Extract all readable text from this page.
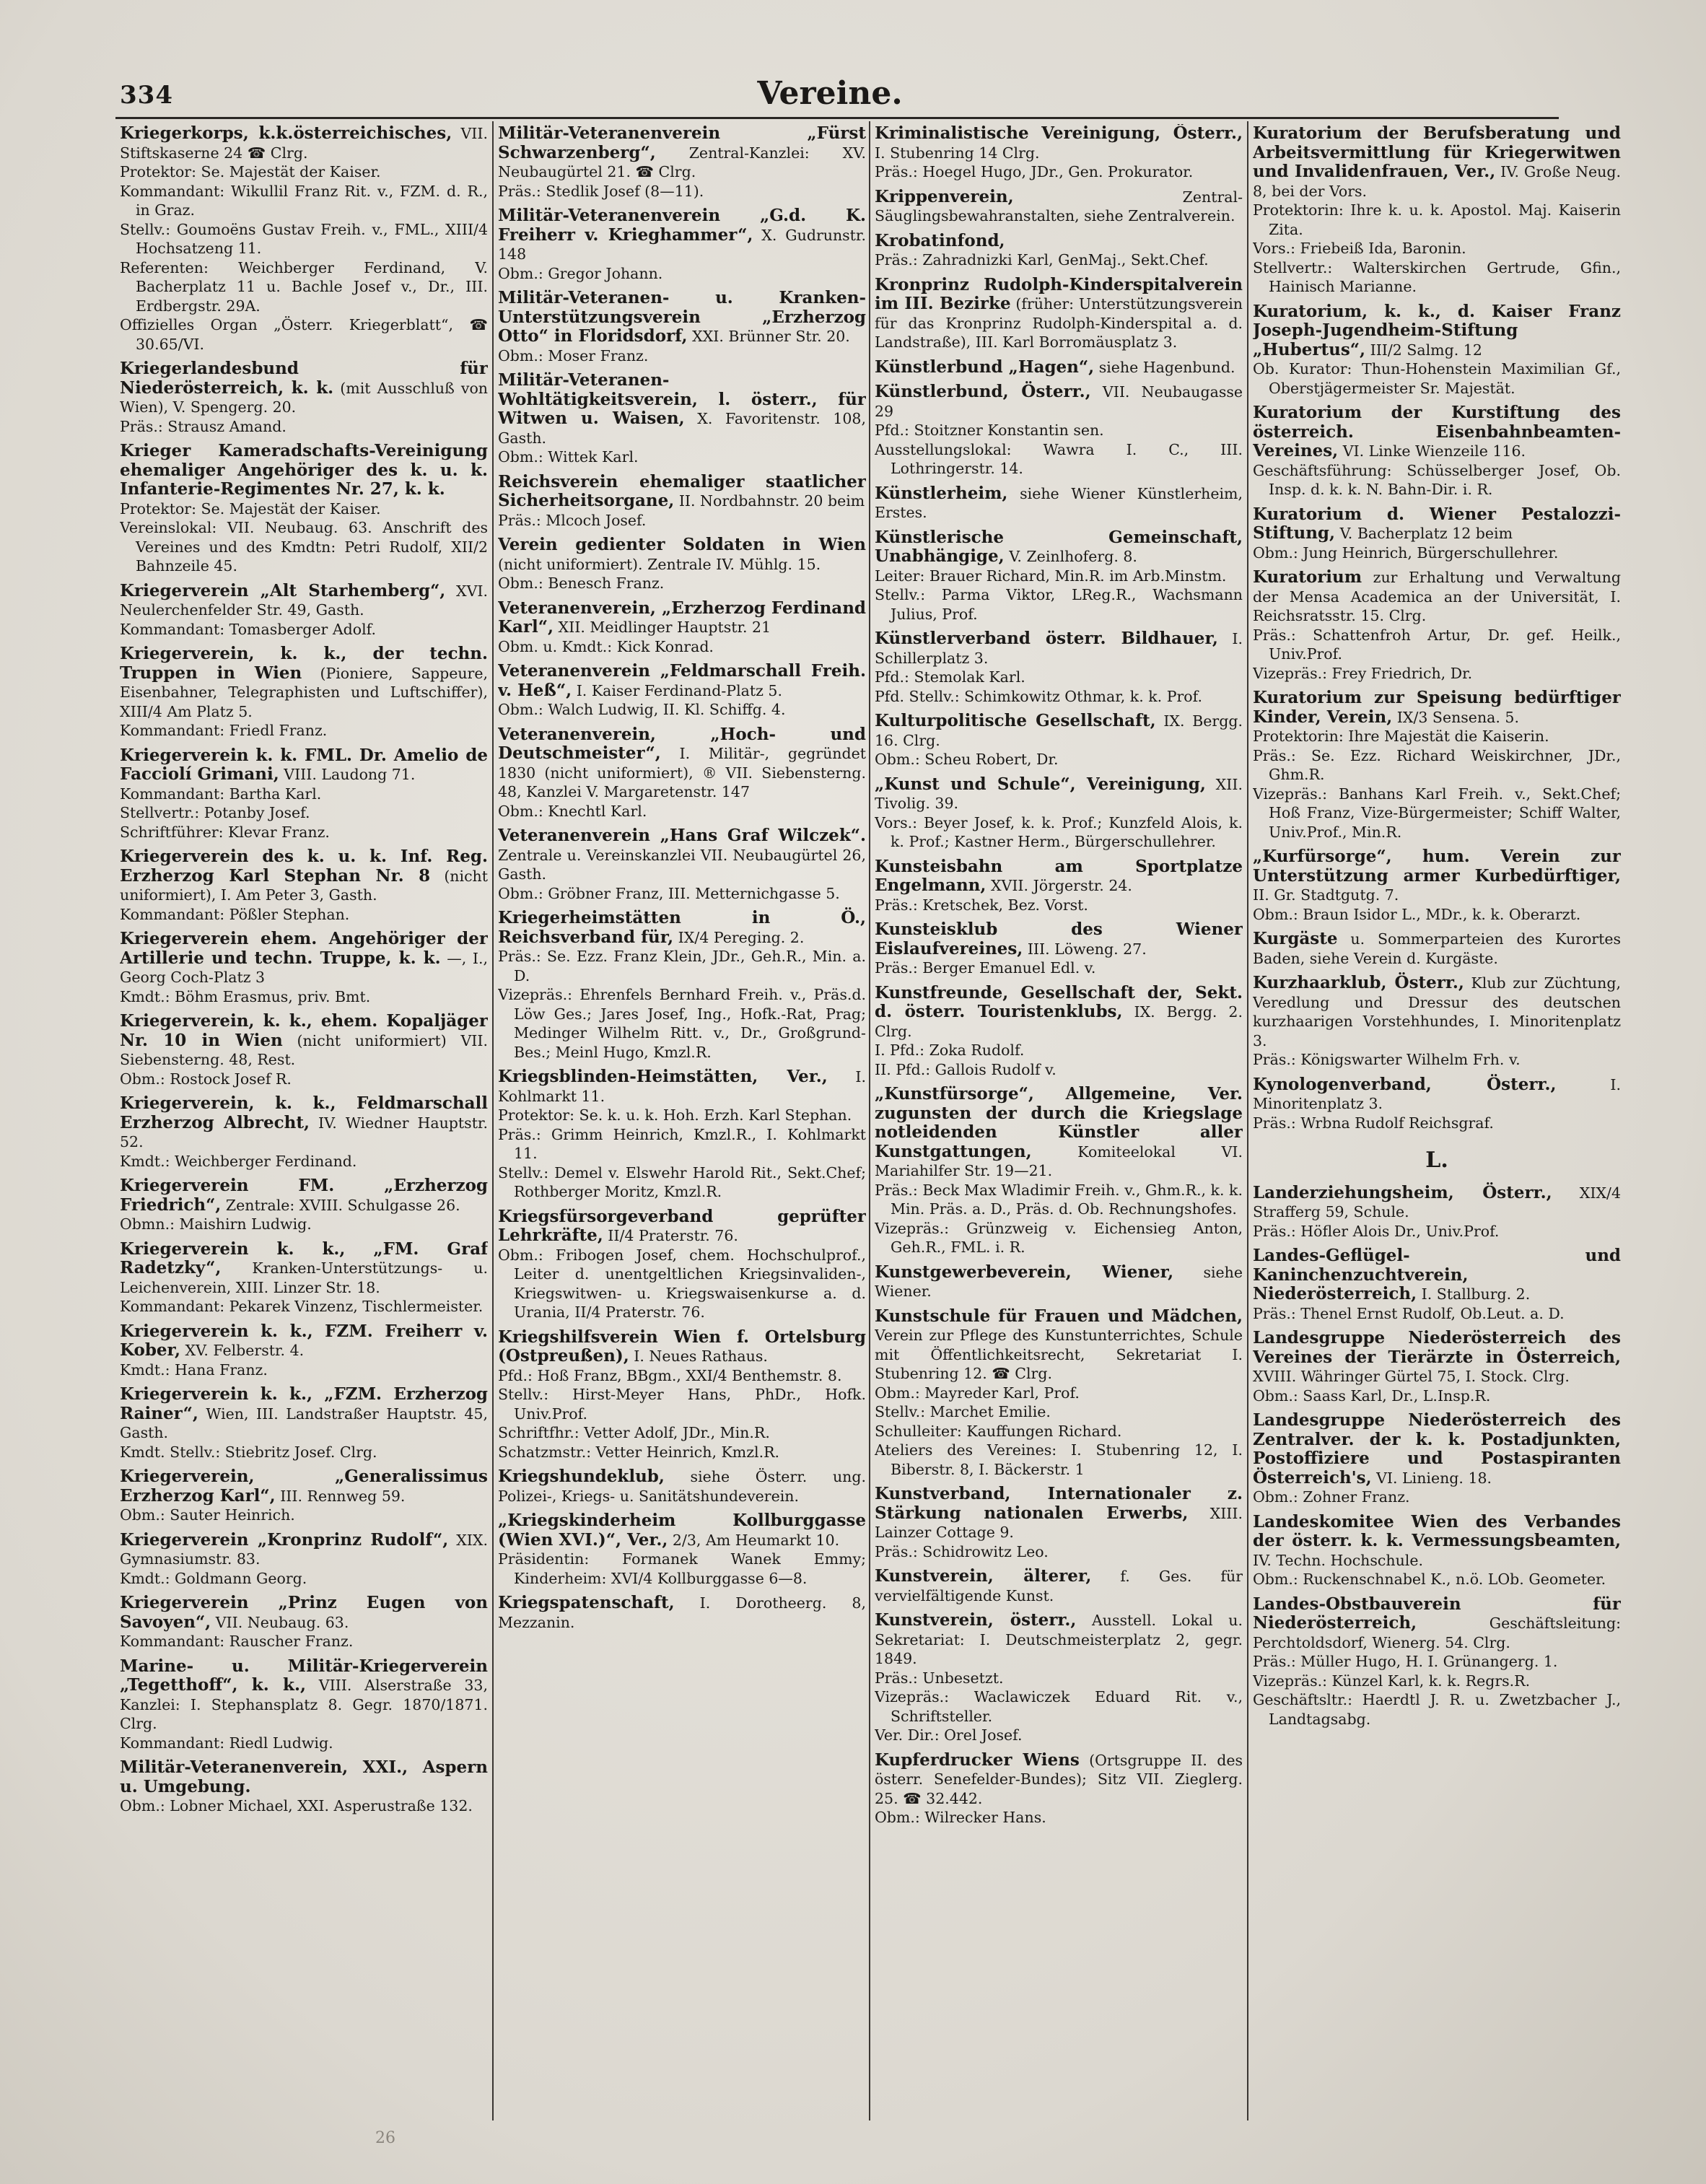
334	Vereine.
Kriegerkorps, k.k.österreichisches, VII. Stiftskaserne 24 ☎ Clrg.
Protektor: Se. Majestät der Kaiser.
Kommandant: Wikullil Franz Rit. v., FZM. d. R., in Graz.
Stellv.: Goumoëns Gustav Freih. v., FML., XIII/4 Hochsatzeng 11.
Referenten: Weichberger Ferdinand, V. Bacherplatz 11 u. Bachle Josef v., Dr., III. Erdbergstr. 29A.
Offizielles Organ „Österr. Kriegerblatt“, ☎ 30.65/VI.
Kriegerlandesbund für Niederösterreich, k. k. (mit Ausschluß von Wien), V. Spengerg. 20.
Präs.: Strausz Amand.
Krieger Kameradschafts-Vereinigung ehemaliger Angehöriger des k. u. k. Infanterie-Regimentes Nr. 27, k. k.
Protektor: Se. Majestät der Kaiser.
Vereinslokal: VII. Neubaug. 63. Anschrift des Vereines und des Kmdtn: Petri Rudolf, XII/2 Bahnzeile 45.
Kriegerverein „Alt Starhemberg“, XVI. Neulerchenfelder Str. 49, Gasth.
Kommandant: Tomasberger Adolf.
Kriegerverein, k. k., der techn. Truppen in Wien (Pioniere, Sappeure, Eisenbahner, Telegraphisten und Luftschiffer), XIII/4 Am Platz 5.
Kommandant: Friedl Franz.
Kriegerverein k. k. FML. Dr. Amelio de Facciolí Grimani, VIII. Laudong 71.
Kommandant: Bartha Karl.
Stellvertr.: Potanby Josef.
Schriftführer: Klevar Franz.
Kriegerverein des k. u. k. Inf. Reg. Erzherzog Karl Stephan Nr. 8 (nicht uniformiert), I. Am Peter 3, Gasth.
Kommandant: Pößler Stephan.
Kriegerverein ehem. Angehöriger der Artillerie und techn. Truppe, k. k. —, I., Georg Coch-Platz 3
Kmdt.: Böhm Erasmus, priv. Bmt.
Kriegerverein, k. k., ehem. Kopaljäger Nr. 10 in Wien (nicht uniformiert) VII. Siebensterng. 48, Rest.
Obm.: Rostock Josef R.
Kriegerverein, k. k., Feldmarschall Erzherzog Albrecht, IV. Wiedner Hauptstr. 52.
Kmdt.: Weichberger Ferdinand.
Kriegerverein FM. „Erzherzog Friedrich“, Zentrale: XVIII. Schulgasse 26.
Obmn.: Maishirn Ludwig.
Kriegerverein k. k., „FM. Graf Radetzky“, Kranken-Unterstützungs- u. Leichenverein, XIII. Linzer Str. 18.
Kommandant: Pekarek Vinzenz, Tischlermeister.
Kriegerverein k. k., FZM. Freiherr v. Kober, XV. Felberstr. 4.
Kmdt.: Hana Franz.
Kriegerverein k. k., „FZM. Erzherzog Rainer“, Wien, III. Landstraßer Hauptstr. 45, Gasth.
Kmdt. Stellv.: Stiebritz Josef. Clrg.
Kriegerverein, „Generalissimus Erzherzog Karl“, III. Rennweg 59.
Obm.: Sauter Heinrich.
Kriegerverein „Kronprinz Rudolf“, XIX. Gymnasiumstr. 83.
Kmdt.: Goldmann Georg.
Kriegerverein „Prinz Eugen von Savoyen“, VII. Neubaug. 63.
Kommandant: Rauscher Franz.
Marine- u. Militär-Kriegerverein „Tegetthoff“, k. k., VIII. Alserstraße 33, Kanzlei: I. Stephansplatz 8. Gegr. 1870/1871. Clrg.
Kommandant: Riedl Ludwig.
Militär-Veteranenverein, XXI., Aspern u. Umgebung.
Obm.: Lobner Michael, XXI. Asperustraße 132.
Militär-Veteranenverein „Fürst Schwarzenberg“, Zentral-Kanzlei: XV. Neubaugürtel 21. ☎ Clrg.
Präs.: Stedlik Josef (8—11).
Militär-Veteranenverein „G.d. K. Freiherr v. Krieghammer“, X. Gudrunstr. 148
Obm.: Gregor Johann.
Militär-Veteranen- u. Kranken-Unterstützungsverein „Erzherzog Otto“ in Floridsdorf, XXI. Brünner Str. 20.
Obm.: Moser Franz.
Militär-Veteranen-Wohltätigkeitsverein, l. österr., für Witwen u. Waisen, X. Favoritenstr. 108, Gasth.
Obm.: Wittek Karl.
Reichsverein ehemaliger staatlicher Sicherheitsorgane, II. Nordbahnstr. 20 beim
Präs.: Mlcoch Josef.
Verein gedienter Soldaten in Wien (nicht uniformiert). Zentrale IV. Mühlg. 15.
Obm.: Benesch Franz.
Veteranenverein, „Erzherzog Ferdinand Karl“, XII. Meidlinger Hauptstr. 21
Obm. u. Kmdt.: Kick Konrad.
Veteranenverein „Feldmarschall Freih. v. Heß“, I. Kaiser Ferdinand-Platz 5.
Obm.: Walch Ludwig, II. Kl. Schiffg. 4.
Veteranenverein, „Hoch- und Deutschmeister“, I. Militär-, gegründet 1830 (nicht uniformiert), ® VII. Siebensterng. 48, Kanzlei V. Margaretenstr. 147
Obm.: Knechtl Karl.
Veteranenverein „Hans Graf Wilczek“. Zentrale u. Vereinskanzlei VII. Neubaugürtel 26, Gasth.
Obm.: Gröbner Franz, III. Metternichgasse 5.
Kriegerheimstätten in Ö., Reichsverband für, IX/4 Pereging. 2.
Präs.: Se. Ezz. Franz Klein, JDr., Geh.R., Min. a. D.
Vizepräs.: Ehrenfels Bernhard Freih. v., Präs.d. Löw Ges.; Jares Josef, Ing., Hofk.-Rat, Prag; Medinger Wilhelm Ritt. v., Dr., Großgrund-Bes.; Meinl Hugo, Kmzl.R.
Kriegsblinden-Heimstätten, Ver., I. Kohlmarkt 11.
Protektor: Se. k. u. k. Hoh. Erzh. Karl Stephan.
Präs.: Grimm Heinrich, Kmzl.R., I. Kohlmarkt 11.
Stellv.: Demel v. Elswehr Harold Rit., Sekt.Chef; Rothberger Moritz, Kmzl.R.
Kriegsfürsorgeverband geprüfter Lehrkräfte, II/4 Praterstr. 76.
Obm.: Fribogen Josef, chem. Hochschulprof., Leiter d. unentgeltlichen Kriegsinvaliden-, Kriegswitwen- u. Kriegswaisenkurse a. d. Urania, II/4 Praterstr. 76.
Kriegshilfsverein Wien f. Ortelsburg (Ostpreußen), I. Neues Rathaus.
Pfd.: Hoß Franz, BBgm., XXI/4 Benthemstr. 8.
Stellv.: Hirst-Meyer Hans, PhDr., Hofk. Univ.Prof.
Schriftfhr.: Vetter Adolf, JDr., Min.R.
Schatzmstr.: Vetter Heinrich, Kmzl.R.
Kriegshundeklub, siehe Österr. ung. Polizei-, Kriegs- u. Sanitätshundeverein.
„Kriegskinderheim Kollburggasse (Wien XVI.)“, Ver., 2/3, Am Heumarkt 10.
Präsidentin: Formanek Wanek Emmy; Kinderheim: XVI/4 Kollburggasse 6—8.
Kriegspatenschaft, I. Dorotheerg. 8, Mezzanin.
Kriminalistische Vereinigung, Österr., I. Stubenring 14 Clrg.
Präs.: Hoegel Hugo, JDr., Gen. Prokurator.
Krippenverein,	Zentral-Säuglingsbewahranstalten, siehe Zentralverein.
Krobatinfond,
Präs.: Zahradnizki Karl, GenMaj., Sekt.Chef.
Kronprinz Rudolph-Kinderspitalverein im III. Bezirke (früher: Unterstützungsverein für das Kronprinz Rudolph-Kinderspital a. d. Landstraße), III. Karl Borromäusplatz 3.
Künstlerbund „Hagen“, siehe Hagenbund.
Künstlerbund, Österr., VII. Neubaugasse 29
Pfd.: Stoitzner Konstantin sen.
Ausstellungslokal: Wawra I. C., III. Lothringerstr. 14.
Künstlerheim, siehe Wiener Künstlerheim, Erstes.
Künstlerische Gemeinschaft, Unabhängige, V. Zeinlhoferg. 8.
Leiter: Brauer Richard, Min.R. im Arb.Minstm.
Stellv.: Parma Viktor, LReg.R., Wachsmann Julius, Prof.
Künstlerverband österr. Bildhauer, I. Schillerplatz 3.
Pfd.: Stemolak Karl.
Pfd. Stellv.: Schimkowitz Othmar, k. k. Prof.
Kulturpolitische Gesellschaft, IX. Bergg. 16. Clrg.
Obm.: Scheu Robert, Dr.
„Kunst und Schule“, Vereinigung, XII. Tivolig. 39.
Vors.: Beyer Josef, k. k. Prof.; Kunzfeld Alois, k. k. Prof.; Kastner Herm., Bürgerschullehrer.
Kunsteisbahn am Sportplatze Engelmann, XVII. Jörgerstr. 24.
Präs.: Kretschek, Bez. Vorst.
Kunsteisklub des Wiener Eislaufvereines, III. Löweng. 27.
Präs.: Berger Emanuel Edl. v.
Kunstfreunde, Gesellschaft der, Sekt. d. österr. Touristenklubs, IX. Bergg. 2. Clrg.
I. Pfd.: Zoka Rudolf.
II. Pfd.: Gallois Rudolf v.
„Kunstfürsorge“, Allgemeine, Ver. zugunsten der durch die Kriegslage notleidenden Künstler aller Kunstgattungen,	Komiteelokal VI. Mariahilfer Str. 19—21.
Präs.: Beck Max Wladimir Freih. v., Ghm.R., k. k. Min. Präs. a. D., Präs. d. Ob. Rechnungshofes.
Vizepräs.: Grünzweig v. Eichensieg Anton, Geh.R., FML. i. R.
Kunstgewerbeverein, Wiener, siehe Wiener.
Kunstschule für Frauen und Mädchen, Verein zur Pflege des Kunstunterrichtes, Schule mit Öffentlichkeitsrecht, Sekretariat I. Stubenring 12. ☎ Clrg.
Obm.: Mayreder Karl, Prof.
Stellv.: Marchet Emilie.
Schulleiter: Kauffungen Richard.
Ateliers des Vereines: I. Stubenring 12, I. Biberstr. 8, I. Bäckerstr. 1
Kunstverband, Internationaler z. Stärkung nationalen Erwerbs, XIII. Lainzer Cottage 9.
Präs.: Schidrowitz Leo.
Kunstverein, älterer, f. Ges. für vervielfältigende Kunst.
Kunstverein, österr., Ausstell. Lokal u. Sekretariat: I. Deutschmeisterplatz 2, gegr. 1849.
Präs.: Unbesetzt.
Vizepräs.: Waclawiczek Eduard Rit. v., Schriftsteller.
Ver. Dir.: Orel Josef.
Kupferdrucker Wiens (Ortsgruppe II. des österr. Senefelder-Bundes); Sitz VII. Zieglerg. 25. ☎ 32.442.
Obm.: Wilrecker Hans.
Kuratorium der Berufsberatung und Arbeitsvermittlung für Kriegerwitwen und Invalidenfrauen, Ver., IV. Große Neug. 8, bei der Vors.
Protektorin: Ihre k. u. k. Apostol. Maj. Kaiserin Zita.
Vors.: Friebeiß Ida, Baronin.
Stellvertr.: Walterskirchen Gertrude, Gfin., Hainisch Marianne.
Kuratorium, k. k., d. Kaiser Franz Joseph-Jugendheim-Stiftung „Hubertus“, III/2 Salmg. 12
Ob. Kurator: Thun-Hohenstein Maximilian Gf., Oberstjägermeister Sr. Majestät.
Kuratorium der Kurstiftung des österreich. Eisenbahnbeamten-Vereines, VI. Linke Wienzeile 116.
Geschäftsführung: Schüsselberger Josef, Ob. Insp. d. k. k. N. Bahn-Dir. i. R.
Kuratorium d. Wiener Pestalozzi-Stiftung, V. Bacherplatz 12 beim
Obm.: Jung Heinrich, Bürgerschullehrer.
Kuratorium zur Erhaltung und Verwaltung der Mensa Academica an der Universität, I. Reichsratsstr. 15. Clrg.
Präs.: Schattenfroh Artur, Dr. gef. Heilk., Univ.Prof.
Vizepräs.: Frey Friedrich, Dr.
Kuratorium zur Speisung bedürftiger Kinder, Verein, IX/3 Sensena. 5.
Protektorin: Ihre Majestät die Kaiserin.
Präs.: Se. Ezz. Richard Weiskirchner, JDr., Ghm.R.
Vizepräs.: Banhans Karl Freih. v., Sekt.Chef; Hoß Franz, Vize-Bürgermeister; Schiff Walter, Univ.Prof., Min.R.
„Kurfürsorge“, hum. Verein zur Unterstützung armer Kurbedürftiger, II. Gr. Stadtgutg. 7.
Obm.: Braun Isidor L., MDr., k. k. Oberarzt.
Kurgäste u. Sommerparteien des Kurortes Baden, siehe Verein d. Kurgäste.
Kurzhaarklub, Österr., Klub zur Züchtung, Veredlung und Dressur des deutschen kurzhaarigen Vorstehhundes, I. Minoritenplatz 3.
Präs.: Königswarter Wilhelm Frh. v.
Kynologenverband, Österr.,	I. Minoritenplatz 3.
Präs.: Wrbna Rudolf Reichsgraf.
L.
Landerziehungsheim, Österr., XIX/4 Strafferg 59, Schule.
Präs.: Höfler Alois Dr., Univ.Prof.
Landes-Geflügel- und Kaninchenzuchtverein, Niederösterreich, I. Stallburg. 2.
Präs.: Thenel Ernst Rudolf, Ob.Leut. a. D.
Landesgruppe Niederösterreich des Vereines der Tierärzte in Österreich, XVIII. Währinger Gürtel 75, I. Stock. Clrg.
Obm.: Saass Karl, Dr., L.Insp.R.
Landesgruppe Niederösterreich des Zentralver. der k. k. Postadjunkten, Postoffiziere und Postaspiranten Österreich's, VI. Linieng. 18.
Obm.: Zohner Franz.
Landeskomitee Wien des Verbandes der österr. k. k. Vermessungsbeamten, IV. Techn. Hochschule.
Obm.: Ruckenschnabel K., n.ö. LOb. Geometer.
Landes-Obstbauverein für Niederösterreich,	Geschäftsleitung: Perchtoldsdorf, Wienerg. 54. Clrg.
Präs.: Müller Hugo, H. I. Grünangerg. 1.
Vizepräs.: Künzel Karl, k. k. Regrs.R.
Geschäftsltr.: Haerdtl J. R. u. Zwetzbacher J., Landtagsabg.
26
